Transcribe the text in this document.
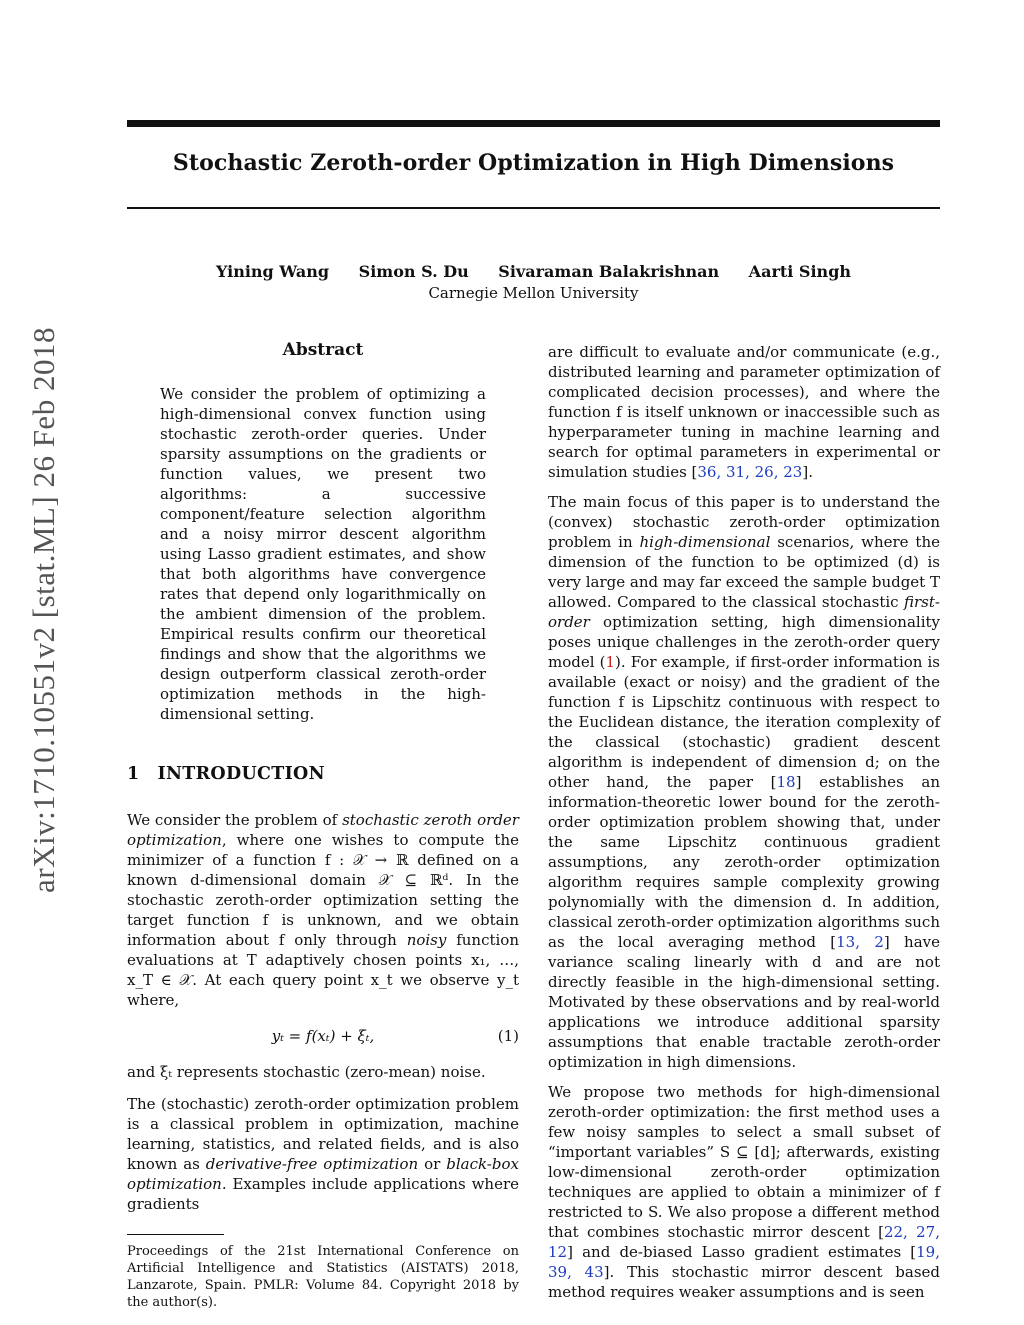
arXiv:1710.10551v2 [stat.ML] 26 Feb 2018
Stochastic Zeroth-order Optimization in High Dimensions
Yining Wang Simon S. Du Sivaraman Balakrishnan Aarti Singh
Carnegie Mellon University
Abstract

We consider the problem of optimizing a high-dimensional convex function using stochastic zeroth-order queries. Under sparsity assumptions on the gradients or function values, we present two algorithms: a successive component/feature selection algorithm and a noisy mirror descent algorithm using Lasso gradient estimates, and show that both algorithms have convergence rates that depend only logarithmically on the ambient dimension of the problem. Empirical results confirm our theoretical findings and show that the algorithms we design outperform classical zeroth-order optimization methods in the high-dimensional setting.

1 INTRODUCTION

We consider the problem of stochastic zeroth order optimization, where one wishes to compute the minimizer of a function f : 𝒳 → ℝ defined on a known d-dimensional domain 𝒳 ⊆ ℝᵈ. In the stochastic zeroth-order optimization setting the target function f is unknown, and we obtain information about f only through noisy function evaluations at T adaptively chosen points x₁, …, x_T ∈ 𝒳. At each query point x_t we observe y_t where,

yₜ = f(xₜ) + ξₜ,	(1)

and ξₜ represents stochastic (zero-mean) noise.

The (stochastic) zeroth-order optimization problem is a classical problem in optimization, machine learning, statistics, and related fields, and is also known as derivative-free optimization or black-box optimization. Examples include applications where gradients

Proceedings of the 21st International Conference on Artificial Intelligence and Statistics (AISTATS) 2018, Lanzarote, Spain. PMLR: Volume 84. Copyright 2018 by the author(s).

are difficult to evaluate and/or communicate (e.g., distributed learning and parameter optimization of complicated decision processes), and where the function f is itself unknown or inaccessible such as hyperparameter tuning in machine learning and search for optimal parameters in experimental or simulation studies [36, 31, 26, 23].

The main focus of this paper is to understand the (convex) stochastic zeroth-order optimization problem in high-dimensional scenarios, where the dimension of the function to be optimized (d) is very large and may far exceed the sample budget T allowed. Compared to the classical stochastic first-order optimization setting, high dimensionality poses unique challenges in the zeroth-order query model (1). For example, if first-order information is available (exact or noisy) and the gradient of the function f is Lipschitz continuous with respect to the Euclidean distance, the iteration complexity of the classical (stochastic) gradient descent algorithm is independent of dimension d; on the other hand, the paper [18] establishes an information-theoretic lower bound for the zeroth-order optimization problem showing that, under the same Lipschitz continuous gradient assumptions, any zeroth-order optimization algorithm requires sample complexity growing polynomially with the dimension d. In addition, classical zeroth-order optimization algorithms such as the local averaging method [13, 2] have variance scaling linearly with d and are not directly feasible in the high-dimensional setting. Motivated by these observations and by real-world applications we introduce additional sparsity assumptions that enable tractable zeroth-order optimization in high dimensions.

We propose two methods for high-dimensional zeroth-order optimization: the first method uses a few noisy samples to select a small subset of “important variables” S ⊆ [d]; afterwards, existing low-dimensional zeroth-order optimization techniques are applied to obtain a minimizer of f restricted to S. We also propose a different method that combines stochastic mirror descent [22, 27, 12] and de-biased Lasso gradient estimates [19, 39, 43]. This stochastic mirror descent based method requires weaker assumptions and is seen
